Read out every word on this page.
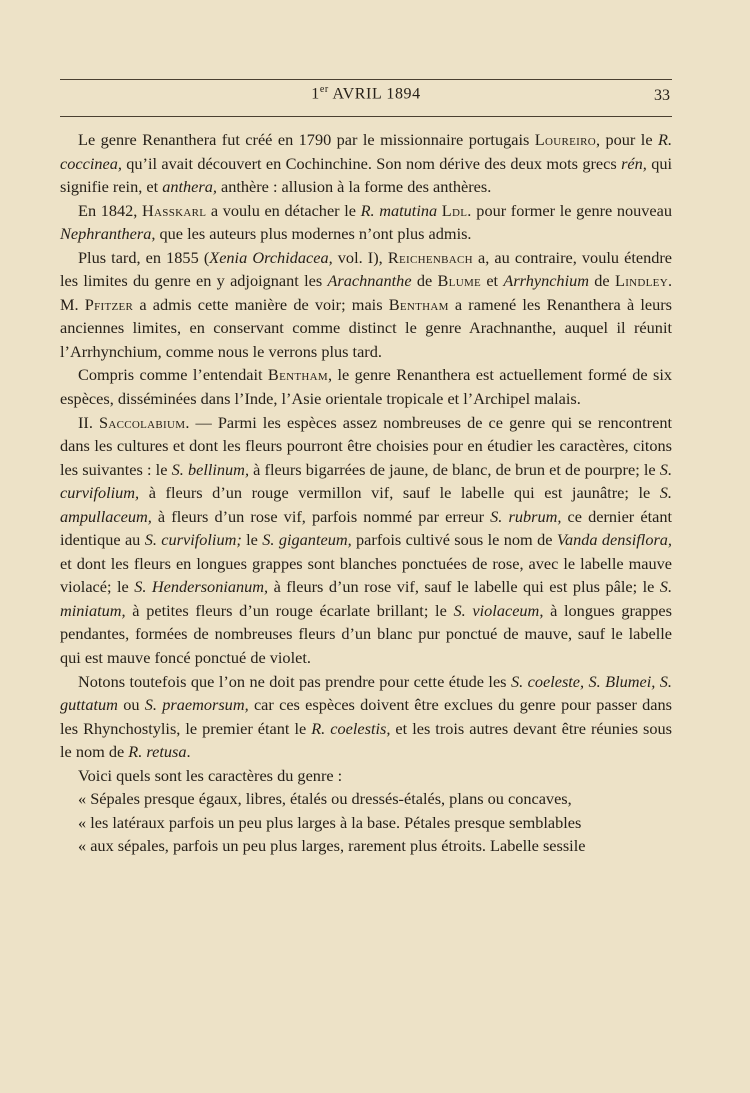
1er AVRIL 1894	33

Le genre Renanthera fut créé en 1790 par le missionnaire portugais Loureiro, pour le R. coccinea, qu’il avait découvert en Cochinchine. Son nom dérive des deux mots grecs rén, qui signifie rein, et anthera, anthère : allusion à la forme des anthères.

En 1842, Hasskarl a voulu en détacher le R. matutina Ldl. pour former le genre nouveau Nephranthera, que les auteurs plus modernes n’ont plus admis.

Plus tard, en 1855 (Xenia Orchidacea, vol. I), Reichenbach a, au contraire, voulu étendre les limites du genre en y adjoignant les Arachnanthe de Blume et Arrhynchium de Lindley. M. Pfitzer a admis cette manière de voir; mais Bentham a ramené les Renanthera à leurs anciennes limites, en conservant comme distinct le genre Arachnanthe, auquel il réunit l’Arrhynchium, comme nous le verrons plus tard.

Compris comme l’entendait Bentham, le genre Renanthera est actuellement formé de six espèces, disséminées dans l’Inde, l’Asie orientale tropicale et l’Archipel malais.

II. Saccolabium. — Parmi les espèces assez nombreuses de ce genre qui se rencontrent dans les cultures et dont les fleurs pourront être choisies pour en étudier les caractères, citons les suivantes : le S. bellinum, à fleurs bigarrées de jaune, de blanc, de brun et de pourpre; le S. curvifolium, à fleurs d’un rouge vermillon vif, sauf le labelle qui est jaunâtre; le S. ampullaceum, à fleurs d’un rose vif, parfois nommé par erreur S. rubrum, ce dernier étant identique au S. curvifolium; le S. giganteum, parfois cultivé sous le nom de Vanda densiflora, et dont les fleurs en longues grappes sont blanches ponctuées de rose, avec le labelle mauve violacé; le S. Hendersonianum, à fleurs d’un rose vif, sauf le labelle qui est plus pâle; le S. miniatum, à petites fleurs d’un rouge écarlate brillant; le S. violaceum, à longues grappes pendantes, formées de nombreuses fleurs d’un blanc pur ponctué de mauve, sauf le labelle qui est mauve foncé ponctué de violet.

Notons toutefois que l’on ne doit pas prendre pour cette étude les S. coeleste, S. Blumei, S. guttatum ou S. praemorsum, car ces espèces doivent être exclues du genre pour passer dans les Rhynchostylis, le premier étant le R. coelestis, et les trois autres devant être réunies sous le nom de R. retusa.

Voici quels sont les caractères du genre :

« Sépales presque égaux, libres, étalés ou dressés-étalés, plans ou concaves,

« les latéraux parfois un peu plus larges à la base. Pétales presque semblables

« aux sépales, parfois un peu plus larges, rarement plus étroits. Labelle sessile
